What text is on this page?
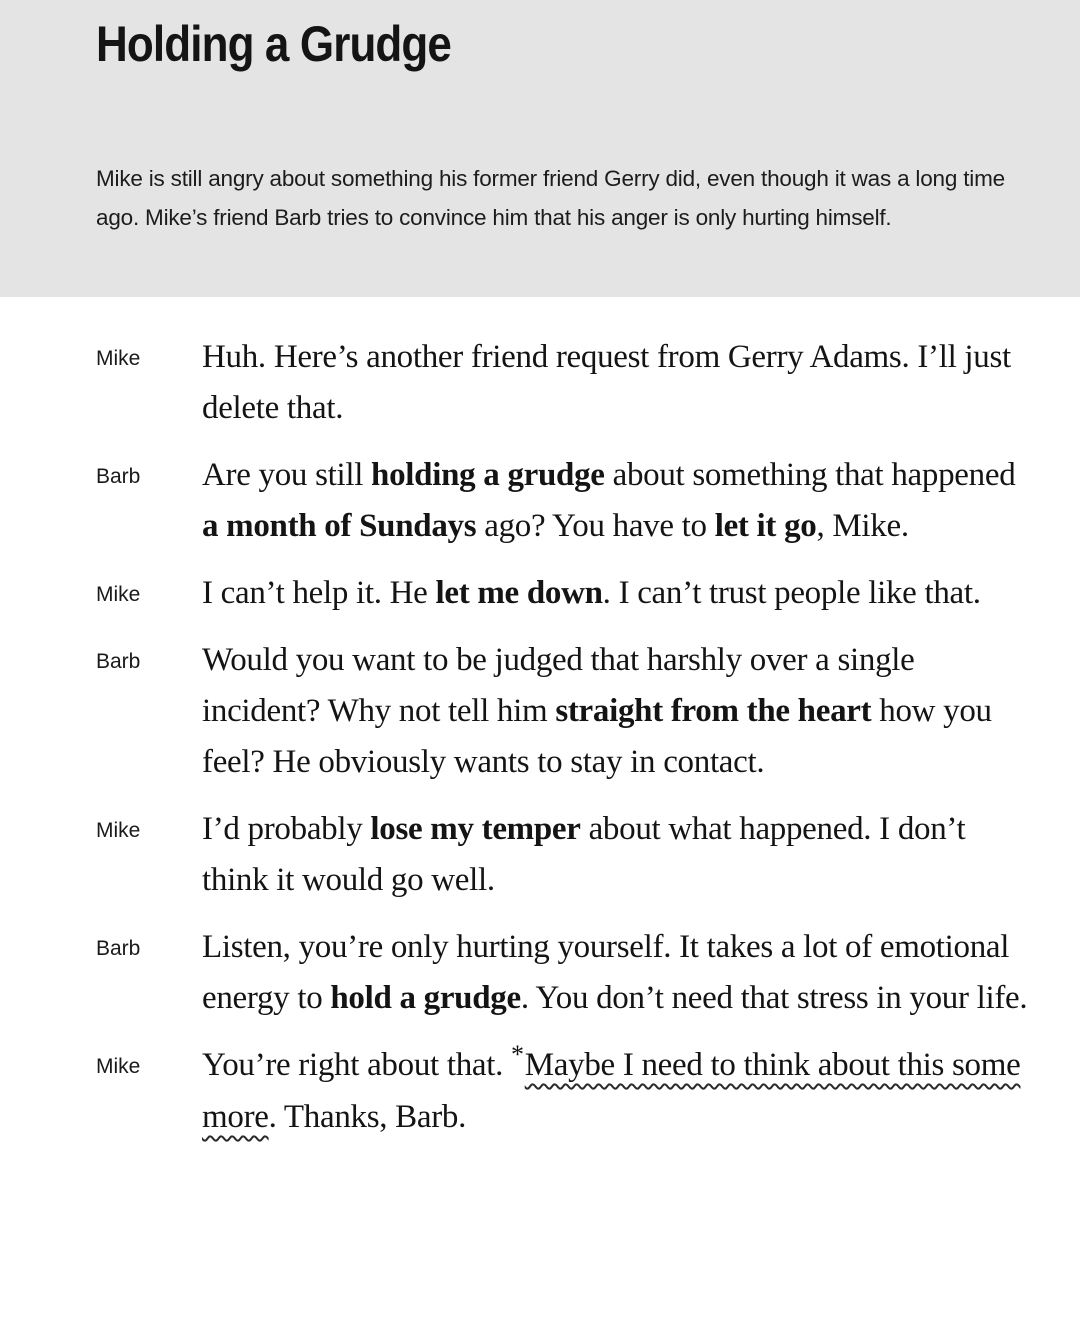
Holding a Grudge

Mike is still angry about something his former friend Gerry did, even though it was a long time ago. Mike’s friend Barb tries to convince him that his anger is only hurting himself.

Mike Huh. Here’s another friend request from Gerry Adams. I’ll just delete that.

Barb Are you still holding a grudge about something that happened a month of Sundays ago? You have to let it go, Mike.

Mike I can’t help it. He let me down. I can’t trust people like that.

Barb Would you want to be judged that harshly over a single incident? Why not tell him straight from the heart how you feel? He obviously wants to stay in contact.

Mike I’d probably lose my temper about what happened. I don’t think it would go well.

Barb Listen, you’re only hurting yourself. It takes a lot of emotional energy to hold a grudge. You don’t need that stress in your life.

Mike You’re right about that. *Maybe I need to think about this some more. Thanks, Barb.
